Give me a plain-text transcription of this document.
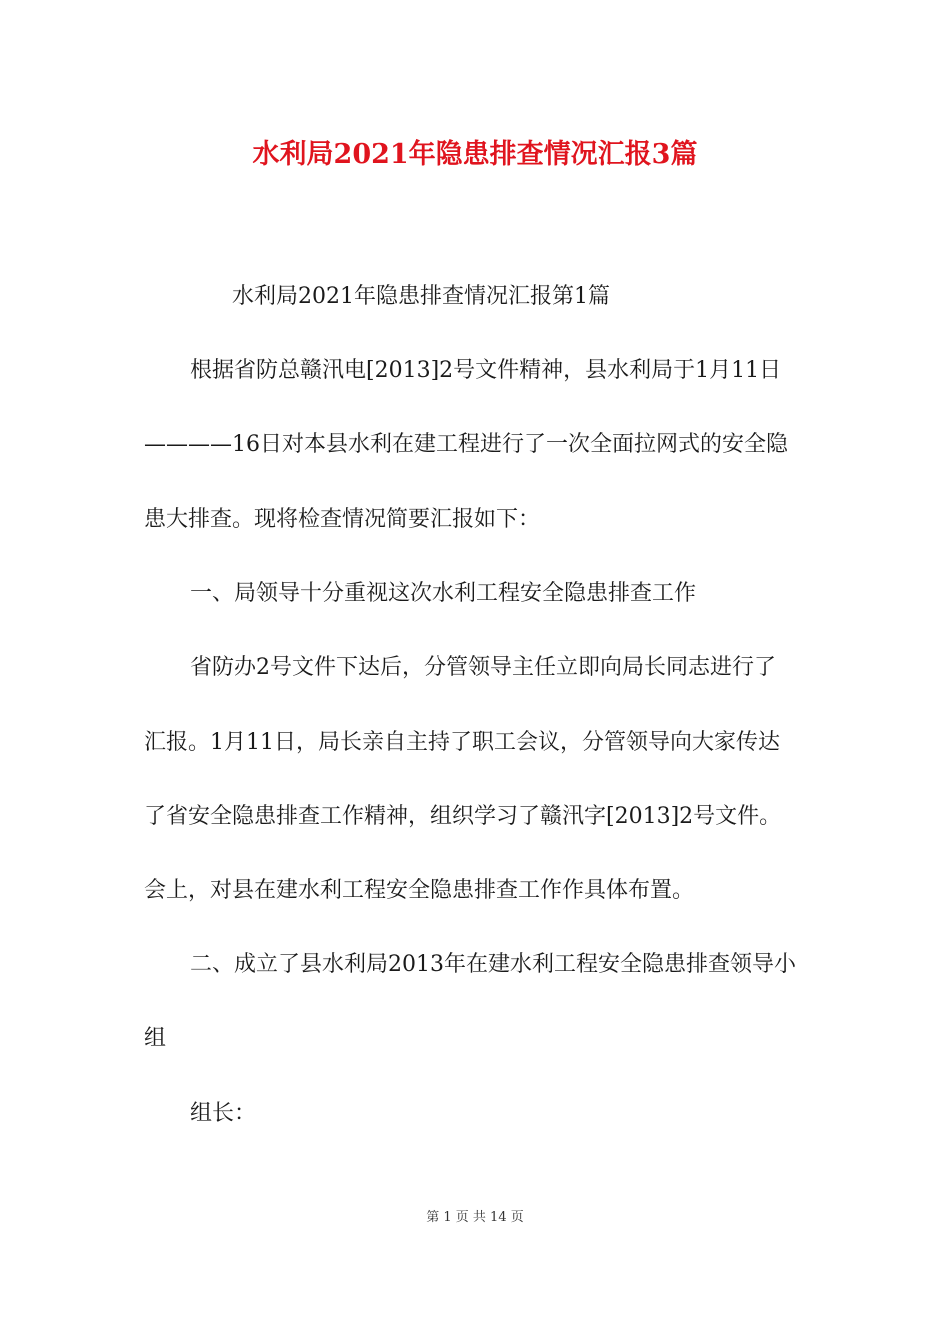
水利局2021年隐患排查情况汇报3篇
水利局2021年隐患排查情况汇报第1篇
根据省防总赣汛电[2013]2号文件精神，县水利局于1月11日
————16日对本县水利在建工程进行了一次全面拉网式的安全隐
患大排查。现将检查情况简要汇报如下：
一、局领导十分重视这次水利工程安全隐患排查工作
省防办2号文件下达后，分管领导主任立即向局长同志进行了
汇报。1月11日，局长亲自主持了职工会议，分管领导向大家传达
了省安全隐患排查工作精神，组织学习了赣汛字[2013]2号文件。
会上，对县在建水利工程安全隐患排查工作作具体布置。
二、成立了县水利局2013年在建水利工程安全隐患排查领导小
组
组长：
第 1 页 共 14 页
